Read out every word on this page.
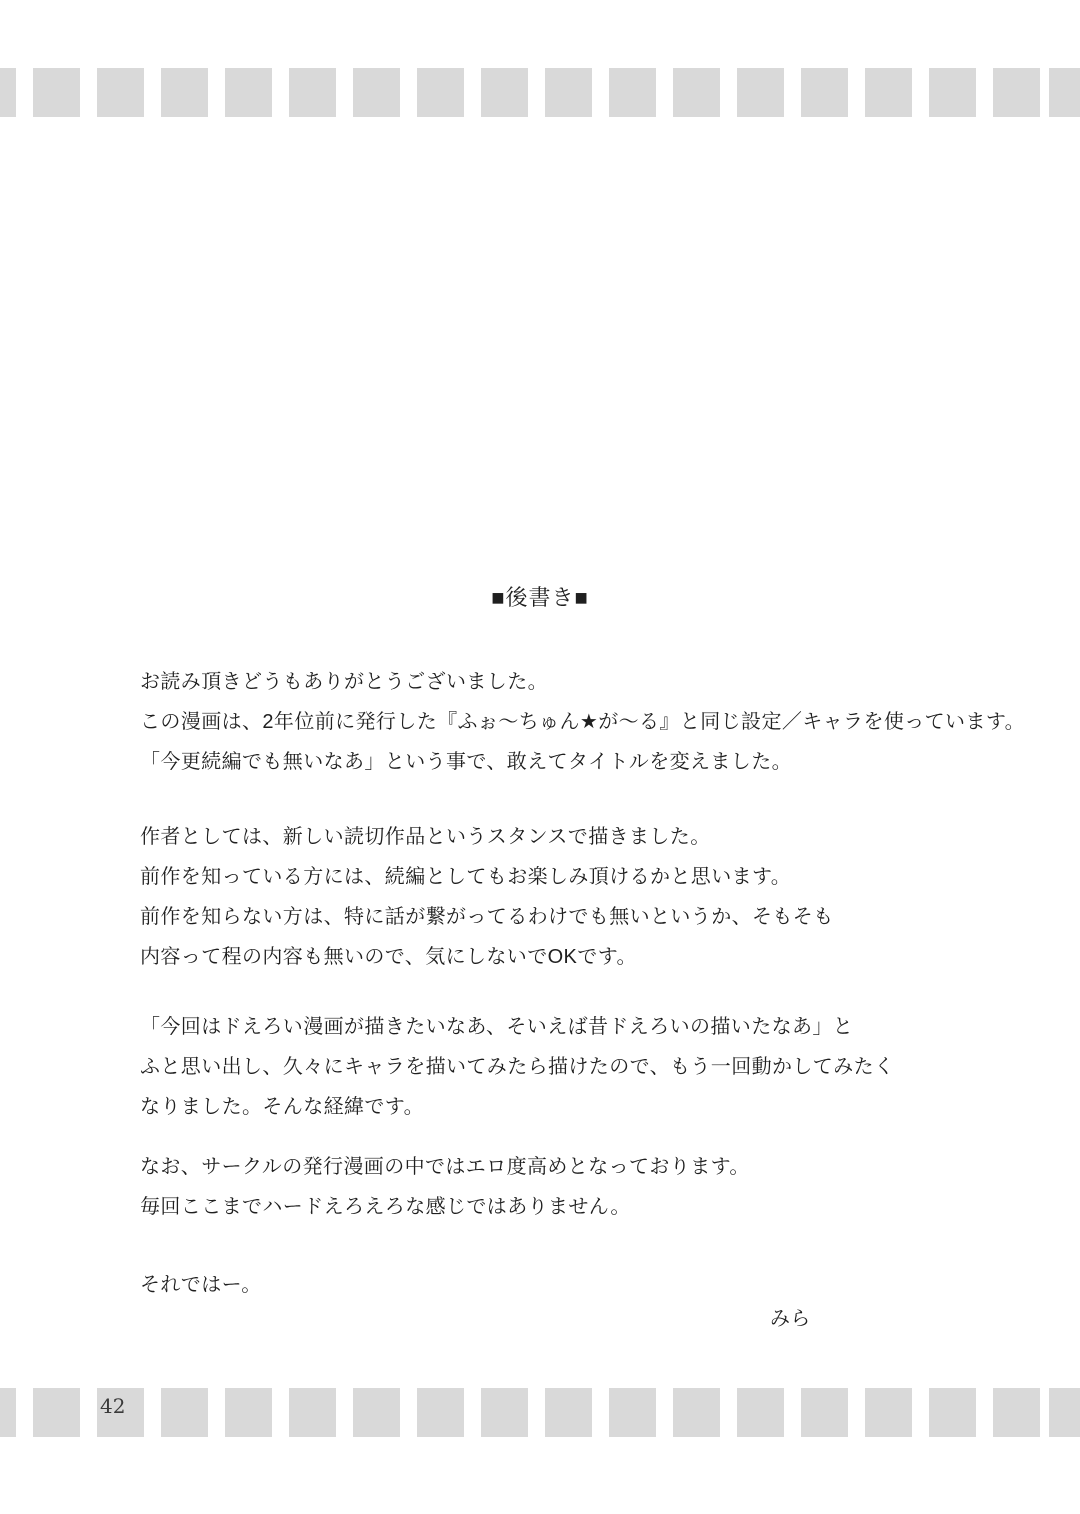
■後書き■

お読み頂きどうもありがとうございました。
この漫画は、2年位前に発行した『ふぉ〜ちゅん★が〜る』と同じ設定／キャラを使っています。
「今更続編でも無いなあ」という事で、敢えてタイトルを変えました。

作者としては、新しい読切作品というスタンスで描きました。
前作を知っている方には、続編としてもお楽しみ頂けるかと思います。
前作を知らない方は、特に話が繋がってるわけでも無いというか、そもそも
内容って程の内容も無いので、気にしないでOKです。

「今回はドえろい漫画が描きたいなあ、そいえば昔ドえろいの描いたなあ」と
ふと思い出し、久々にキャラを描いてみたら描けたので、もう一回動かしてみたく
なりました。そんな経緯です。

なお、サークルの発行漫画の中ではエロ度高めとなっております。
毎回ここまでハードえろえろな感じではありません。

それではー。

みら
42
